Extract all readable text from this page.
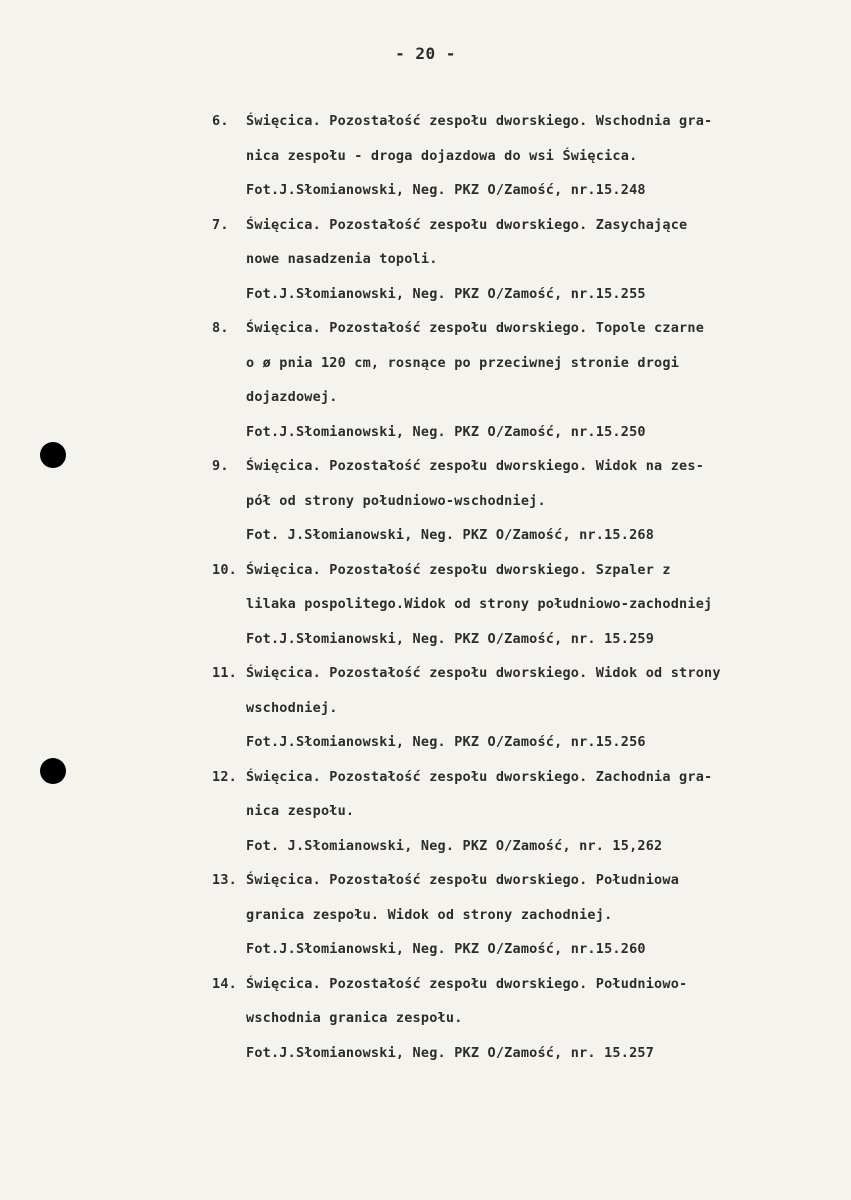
- 20 -
6. Święcica. Pozostałość zespołu dworskiego. Wschodnia gra-
nica zespołu - droga dojazdowa do wsi Święcica.
Fot.J.Słomianowski, Neg. PKZ O/Zamość, nr.15.248
7. Święcica. Pozostałość zespołu dworskiego. Zasychające
nowe nasadzenia topoli.
Fot.J.Słomianowski, Neg. PKZ O/Zamość, nr.15.255
8. Święcica. Pozostałość zespołu dworskiego. Topole czarne
o ø pnia 120 cm, rosnące po przeciwnej stronie drogi
dojazdowej.
Fot.J.Słomianowski, Neg. PKZ O/Zamość, nr.15.250
9. Święcica. Pozostałość zespołu dworskiego. Widok na zes-
pół od strony południowo-wschodniej.
Fot. J.Słomianowski, Neg. PKZ O/Zamość, nr.15.268
10. Święcica. Pozostałość zespołu dworskiego. Szpaler z
lilaka pospolitego.Widok od strony południowo-zachodniej
Fot.J.Słomianowski, Neg. PKZ O/Zamość, nr. 15.259
11. Święcica. Pozostałość zespołu dworskiego. Widok od strony
wschodniej.
Fot.J.Słomianowski, Neg. PKZ O/Zamość, nr.15.256
12. Święcica. Pozostałość zespołu dworskiego. Zachodnia gra-
nica zespołu.
Fot. J.Słomianowski, Neg. PKZ O/Zamość, nr. 15,262
13. Święcica. Pozostałość zespołu dworskiego. Południowa
granica zespołu. Widok od strony zachodniej.
Fot.J.Słomianowski, Neg. PKZ O/Zamość, nr.15.260
14. Święcica. Pozostałość zespołu dworskiego. Południowo-
wschodnia granica zespołu.
Fot.J.Słomianowski, Neg. PKZ O/Zamość, nr. 15.257
